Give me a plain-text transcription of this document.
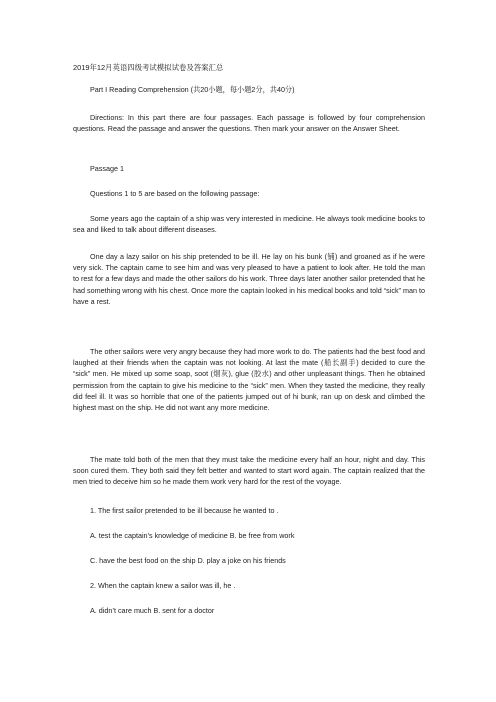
2019年12月英语四级考试模拟试卷及答案汇总

Part I Reading Comprehension (共20小题，每小题2分，共40分)

Directions: In this part there are four passages. Each passage is followed by four comprehension questions. Read the passage and answer the questions. Then mark your answer on the Answer Sheet.

Passage 1

Questions 1 to 5 are based on the following passage:

Some years ago the captain of a ship was very interested in medicine. He always took medicine books to sea and liked to talk about different diseases.

One day a lazy sailor on his ship pretended to be ill. He lay on his bunk (铺) and groaned as if he were very sick. The captain came to see him and was very pleased to have a patient to look after. He told the man to rest for a few days and made the other sailors do his work. Three days later another sailor pretended that he had something wrong with his chest. Once more the captain looked in his medical books and told “sick” man to have a rest.

The other sailors were very angry because they had more work to do. The patients had the best food and laughed at their friends when the captain was not looking. At last the mate (船长副手) decided to cure the “sick” men. He mixed up some soap, soot (烟灰), glue (胶水) and other unpleasant things. Then he obtained permission from the captain to give his medicine to the “sick” men. When they tasted the medicine, they really did feel ill. It was so horrible that one of the patients jumped out of hi bunk, ran up on desk and climbed the highest mast on the ship. He did not want any more medicine.

The mate told both of the men that they must take the medicine every half an hour, night and day. This soon cured them. They both said they felt better and wanted to start word again. The captain realized that the men tried to deceive him so he made them work very hard for the rest of the voyage.

1. The first sailor pretended to be ill because he wanted to .

A. test the captain’s knowledge of medicine B. be free from work

C. have the best food on the ship D. play a joke on his friends

2. When the captain knew a sailor was ill, he .

A. didn’t care much B. sent for a doctor
